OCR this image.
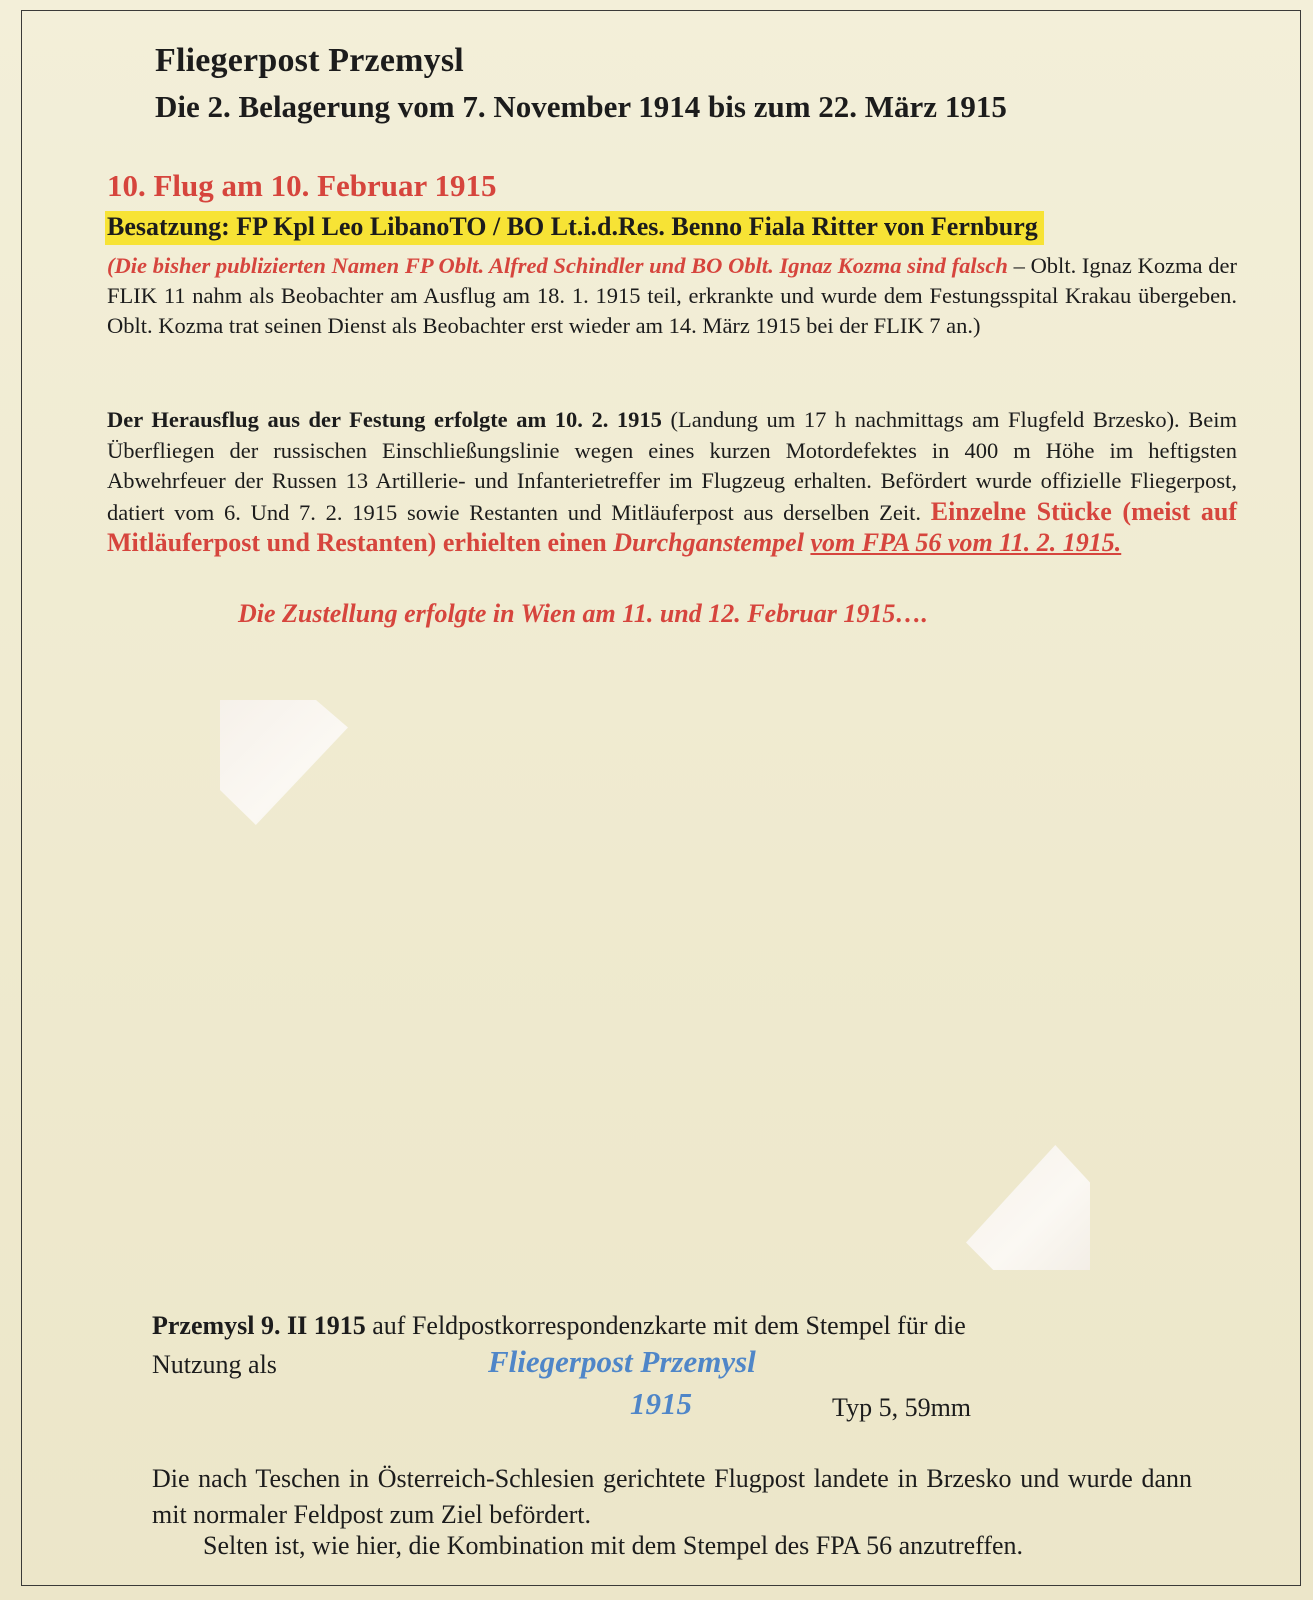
Fliegerpost Przemysl
Die 2. Belagerung vom 7. November 1914 bis zum 22. März 1915
10. Flug am 10. Februar 1915
Besatzung: FP Kpl Leo LibanoTO / BO Lt.i.d.Res. Benno Fiala Ritter von Fernburg
(Die bisher publizierten Namen FP Oblt. Alfred Schindler und BO Oblt. Ignaz Kozma sind falsch – Oblt. Ignaz Kozma der FLIK 11 nahm als Beobachter am Ausflug am 18. 1. 1915 teil, erkrankte und wurde dem Festungsspital Krakau übergeben. Oblt. Kozma trat seinen Dienst als Beobachter erst wieder am 14. März 1915 bei der FLIK 7 an.)
Der Herausflug aus der Festung erfolgte am 10. 2. 1915 (Landung um 17 h nachmittags am Flugfeld Brzesko). Beim Überfliegen der russischen Einschließungslinie wegen eines kurzen Motordefektes in 400 m Höhe im heftigsten Abwehrfeuer der Russen 13 Artillerie- und Infanterietreffer im Flugzeug erhalten. Befördert wurde offizielle Fliegerpost, datiert vom 6. Und 7. 2. 1915 sowie Restanten und Mitläuferpost aus derselben Zeit. Einzelne Stücke (meist auf Mitläuferpost und Restanten) erhielten einen Durchganstempel vom FPA 56 vom 11. 2. 1915.
Die Zustellung erfolgte in Wien am 11. und 12. Februar 1915….
Przemysl 9. II 1915 auf Feldpostkorrespondenzkarte mit dem Stempel für die
Nutzung als	Fliegerpost Przemysl
1915	Typ 5, 59mm
Die nach Teschen in Österreich-Schlesien gerichtete Flugpost landete in Brzesko und wurde dann mit normaler Feldpost zum Ziel befördert.
Selten ist, wie hier, die Kombination mit dem Stempel des FPA 56 anzutreffen.
